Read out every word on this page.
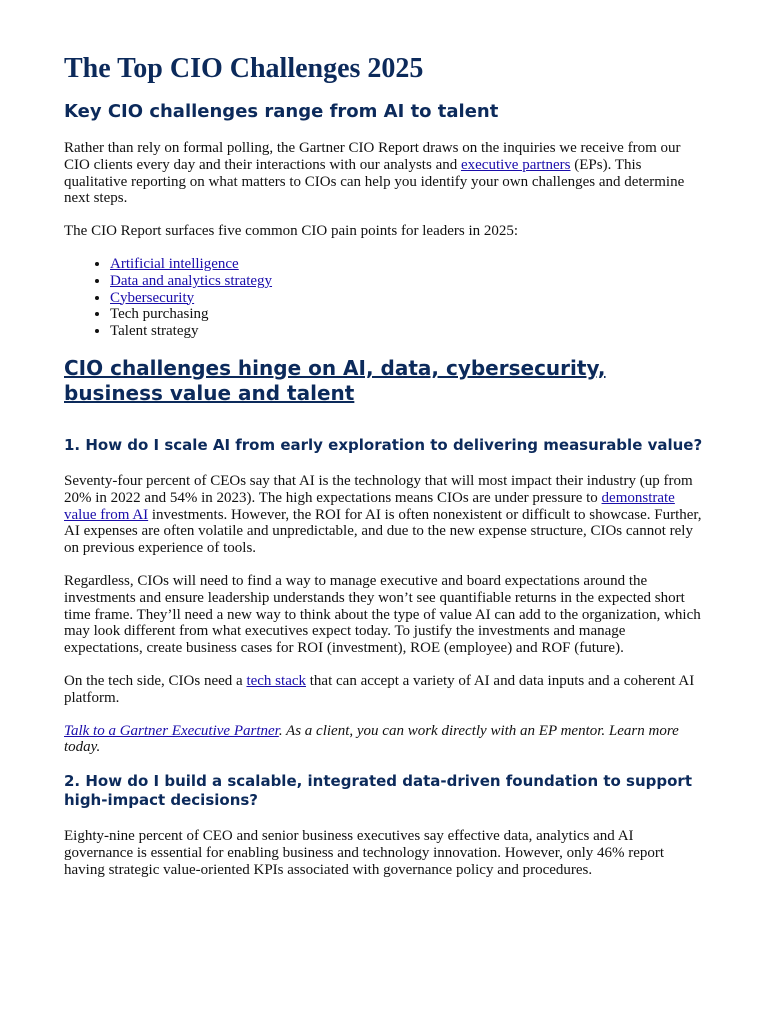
The Top CIO Challenges 2025
Key CIO challenges range from AI to talent

Rather than rely on formal polling, the Gartner CIO Report draws on the inquiries we receive from our CIO clients every day and their interactions with our analysts and executive partners (EPs). This qualitative reporting on what matters to CIOs can help you identify your own challenges and determine next steps.

The CIO Report surfaces five common CIO pain points for leaders in 2025:

• Artificial intelligence
• Data and analytics strategy
• Cybersecurity
• Tech purchasing
• Talent strategy
CIO challenges hinge on AI, data, cybersecurity, business value and talent
1. How do I scale AI from early exploration to delivering measurable value?

Seventy-four percent of CEOs say that AI is the technology that will most impact their industry (up from 20% in 2022 and 54% in 2023). The high expectations means CIOs are under pressure to demonstrate value from AI investments. However, the ROI for AI is often nonexistent or difficult to showcase. Further, AI expenses are often volatile and unpredictable, and due to the new expense structure, CIOs cannot rely on previous experience of tools.

Regardless, CIOs will need to find a way to manage executive and board expectations around the investments and ensure leadership understands they won’t see quantifiable returns in the expected short time frame. They’ll need a new way to think about the type of value AI can add to the organization, which may look different from what executives expect today. To justify the investments and manage expectations, create business cases for ROI (investment), ROE (employee) and ROF (future).

On the tech side, CIOs need a tech stack that can accept a variety of AI and data inputs and a coherent AI platform.

Talk to a Gartner Executive Partner. As a client, you can work directly with an EP mentor. Learn more today.

2. How do I build a scalable, integrated data-driven foundation to support high-impact decisions?

Eighty-nine percent of CEO and senior business executives say effective data, analytics and AI governance is essential for enabling business and technology innovation. However, only 46% report having strategic value-oriented KPIs associated with governance policy and procedures.
